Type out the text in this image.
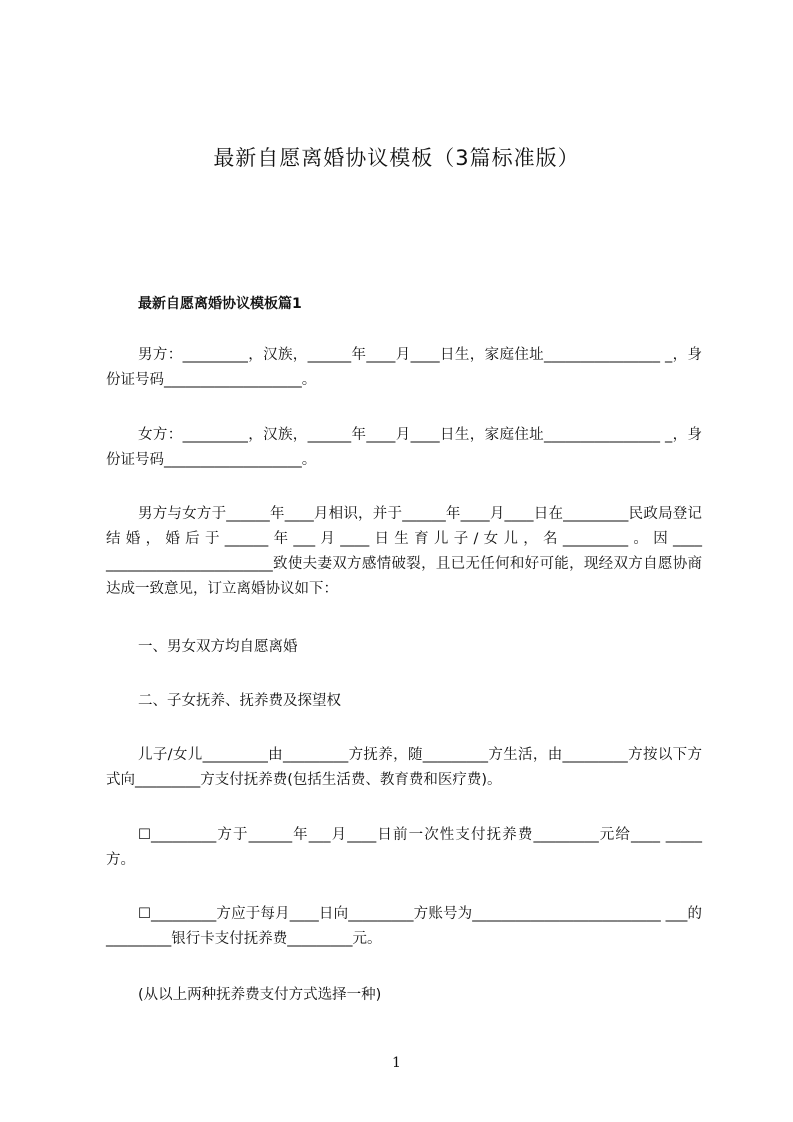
最新自愿离婚协议模板（3篇标准版）
最新自愿离婚协议模板篇1
男方：_________，汉族，______年____月____日生，家庭住址________________ _，身份证号码___________________。
女方：_________，汉族，______年____月____日生，家庭住址________________ _，身份证号码___________________。
男方与女方于______年____月相识，并于______年____月____日在_________民政局登记结婚，婚后于______年___月____日生育儿子/女儿，名_________。因____ _______________________致使夫妻双方感情破裂，且已无任何和好可能，现经双方自愿协商达成一致意见，订立离婚协议如下：
一、男女双方均自愿离婚
二、子女抚养、抚养费及探望权
儿子/女儿_________由_________方抚养，随_________方生活，由_________方按以下方式向_________方支付抚养费(包括生活费、教育费和医疗费)。
☐_________方于______年___月____日前一次性支付抚养费_________元给____ _____方。
☐_________方应于每月____日向_________方账号为__________________________ ___的_________银行卡支付抚养费_________元。
(从以上两种抚养费支付方式选择一种)
1
